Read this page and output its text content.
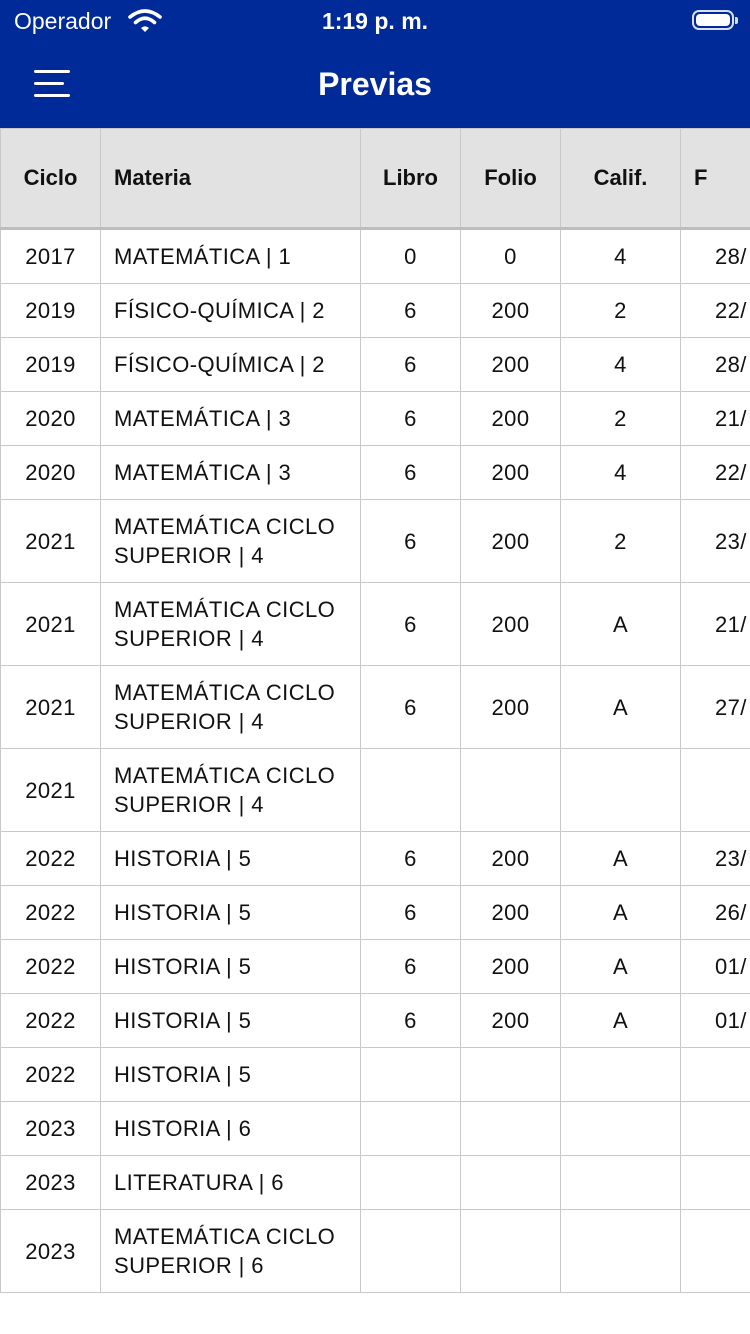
Operador	1:19 p. m.
Previas
Ciclo	Materia	Libro	Folio	Calif.	F
2017	MATEMÁTICA | 1	0	0	4	28/
2019	FÍSICO-QUÍMICA | 2	6	200	2	22/
2019	FÍSICO-QUÍMICA | 2	6	200	4	28/
2020	MATEMÁTICA | 3	6	200	2	21/
2020	MATEMÁTICA | 3	6	200	4	22/
2021	MATEMÁTICA CICLO SUPERIOR | 4	6	200	2	23/
2021	MATEMÁTICA CICLO SUPERIOR | 4	6	200	A	21/
2021	MATEMÁTICA CICLO SUPERIOR | 4	6	200	A	27/
2021	MATEMÁTICA CICLO SUPERIOR | 4				
2022	HISTORIA | 5	6	200	A	23/
2022	HISTORIA | 5	6	200	A	26/
2022	HISTORIA | 5	6	200	A	01/
2022	HISTORIA | 5	6	200	A	01/
2022	HISTORIA | 5				
2023	HISTORIA | 6				
2023	LITERATURA | 6				
2023	MATEMÁTICA CICLO SUPERIOR | 6				
